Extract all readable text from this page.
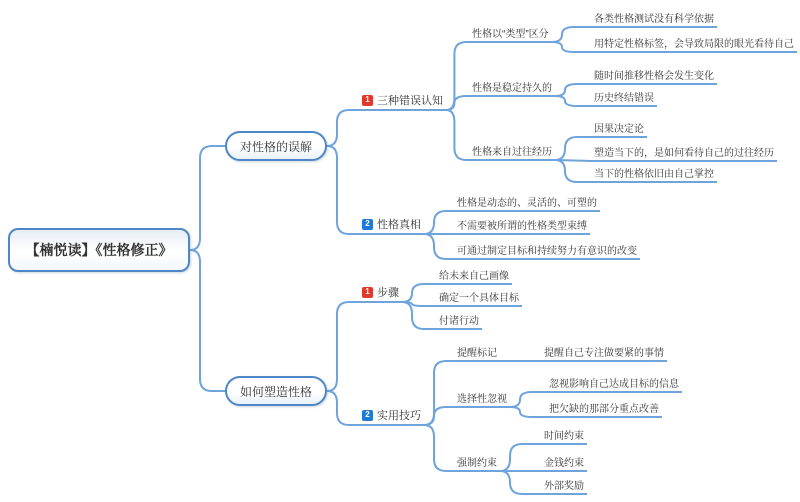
【楠悦读】《性格修正》
对性格的误解
如何塑造性格
1 三种错误认知
2 性格真相
性格以“类型”区分
性格是稳定持久的
性格来自过往经历
各类性格测试没有科学依据
用特定性格标签，会导致局限的眼光看待自己
随时间推移性格会发生变化
历史终结错误
因果决定论
塑造当下的，是如何看待自己的过往经历
当下的性格依旧由自己掌控
性格是动态的、灵活的、可塑的
不需要被所谓的性格类型束缚
可通过制定目标和持续努力有意识的改变
1 步骤
2 实用技巧
给未来自己画像
确定一个具体目标
付诸行动
提醒标记
选择性忽视
强制约束
提醒自己专注做要紧的事情
忽视影响自己达成目标的信息
把欠缺的那部分重点改善
时间约束
金钱约束
外部奖励
